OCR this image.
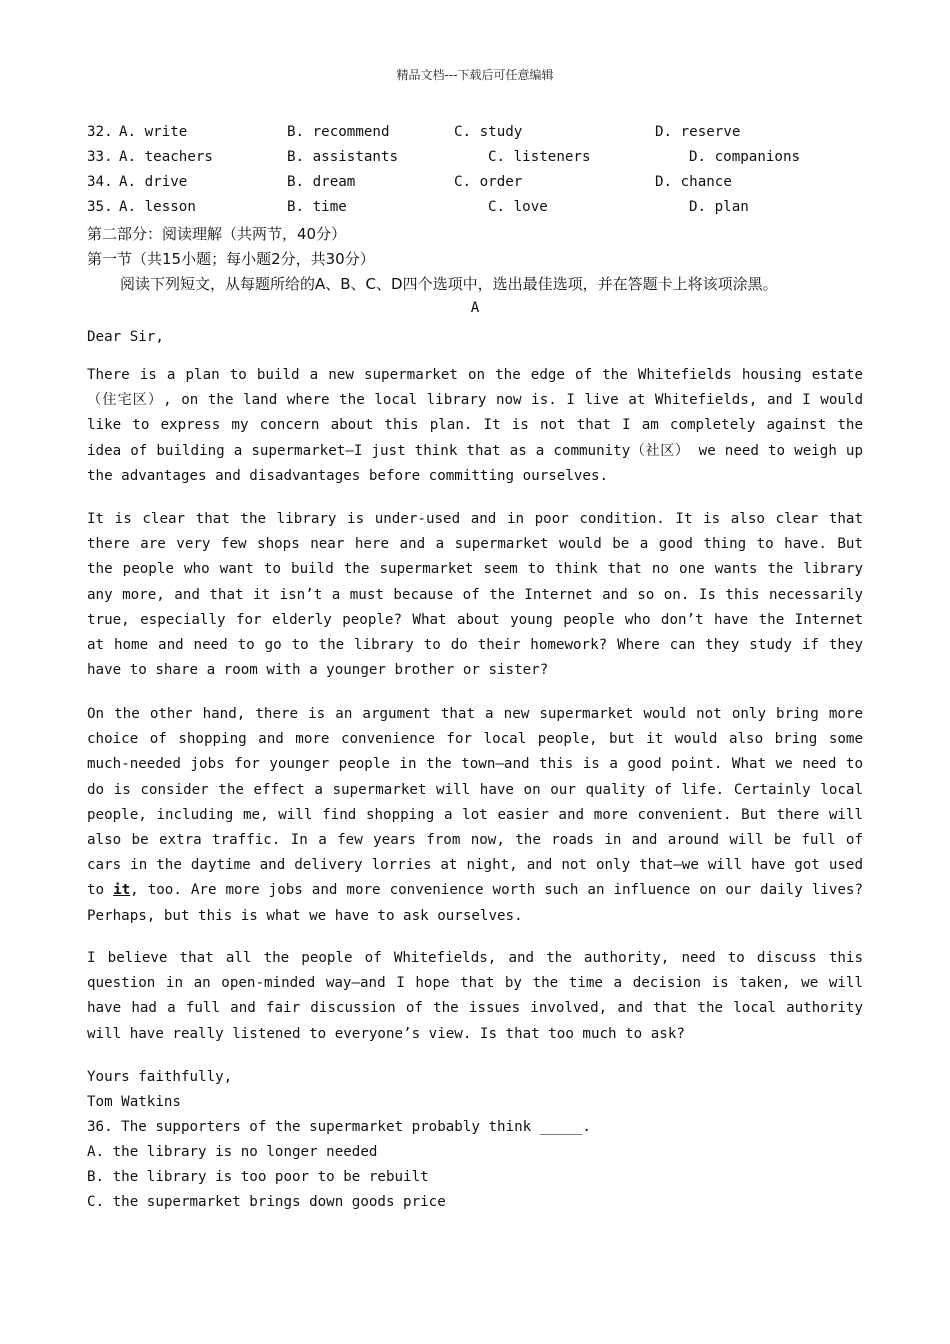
精品文档---下载后可任意编辑
32. A. write	B. recommend	C. study	D. reserve
33. A. teachers	B. assistants	C. listeners	D. companions
34. A. drive	B. dream	C. order	D. chance
35. A. lesson	B. time	C. love	D. plan
第二部分：阅读理解（共两节，40分）
第一节（共15小题；每小题2分，共30分）
阅读下列短文，从每题所给的A、B、C、D四个选项中，选出最佳选项，并在答题卡上将该项涂黑。
A
Dear Sir,
There is a plan to build a new supermarket on the edge of the Whitefields housing estate（住宅区）, on the land where the local library now is. I live at Whitefields, and I would like to express my concern about this plan. It is not that I am completely against the idea of building a supermarket—I just think that as a community（社区） we need to weigh up the advantages and disadvantages before committing ourselves.
It is clear that the library is under-used and in poor condition. It is also clear that there are very few shops near here and a supermarket would be a good thing to have. But the people who want to build the supermarket seem to think that no one wants the library any more, and that it isn’t a must because of the Internet and so on. Is this necessarily true, especially for elderly people? What about young people who don’t have the Internet at home and need to go to the library to do their homework? Where can they study if they have to share a room with a younger brother or sister?
On the other hand, there is an argument that a new supermarket would not only bring more choice of shopping and more convenience for local people, but it would also bring some much-needed jobs for younger people in the town—and this is a good point. What we need to do is consider the effect a supermarket will have on our quality of life. Certainly local people, including me, will find shopping a lot easier and more convenient. But there will also be extra traffic. In a few years from now, the roads in and around will be full of cars in the daytime and delivery lorries at night, and not only that—we will have got used to it, too. Are more jobs and more convenience worth such an influence on our daily lives? Perhaps, but this is what we have to ask ourselves.
I believe that all the people of Whitefields, and the authority, need to discuss this question in an open-minded way—and I hope that by the time a decision is taken, we will have had a full and fair discussion of the issues involved, and that the local authority will have really listened to everyone’s view. Is that too much to ask?
Yours faithfully,
Tom Watkins
36. The supporters of the supermarket probably think _____.
A. the library is no longer needed
B. the library is too poor to be rebuilt
C. the supermarket brings down goods price
